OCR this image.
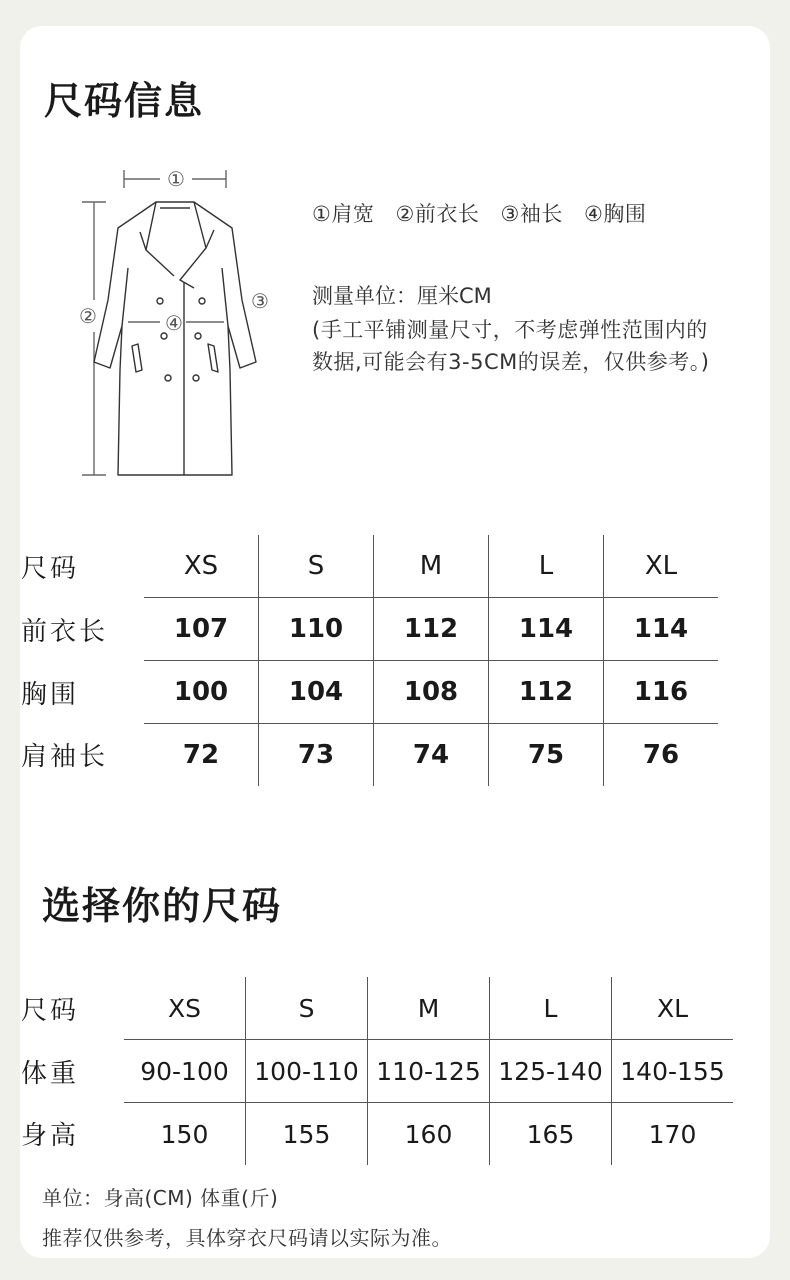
尺码信息
①
②
③
④
①肩宽 ②前衣长 ③袖长 ④胸围
测量单位：厘米CM
(手工平铺测量尺寸，不考虑弹性范围内的数据,可能会有3-5CM的误差，仅供参考。)
尺码	XS	S	M	L	XL
前衣长	107	110	112	114	114
胸围	100	104	108	112	116
肩袖长	72	73	74	75	76
选择你的尺码
尺码	XS	S	M	L	XL
体重	90-100	100-110	110-125	125-140	140-155
身高	150	155	160	165	170
单位：身高(CM) 体重(斤)
推荐仅供参考，具体穿衣尺码请以实际为准。
